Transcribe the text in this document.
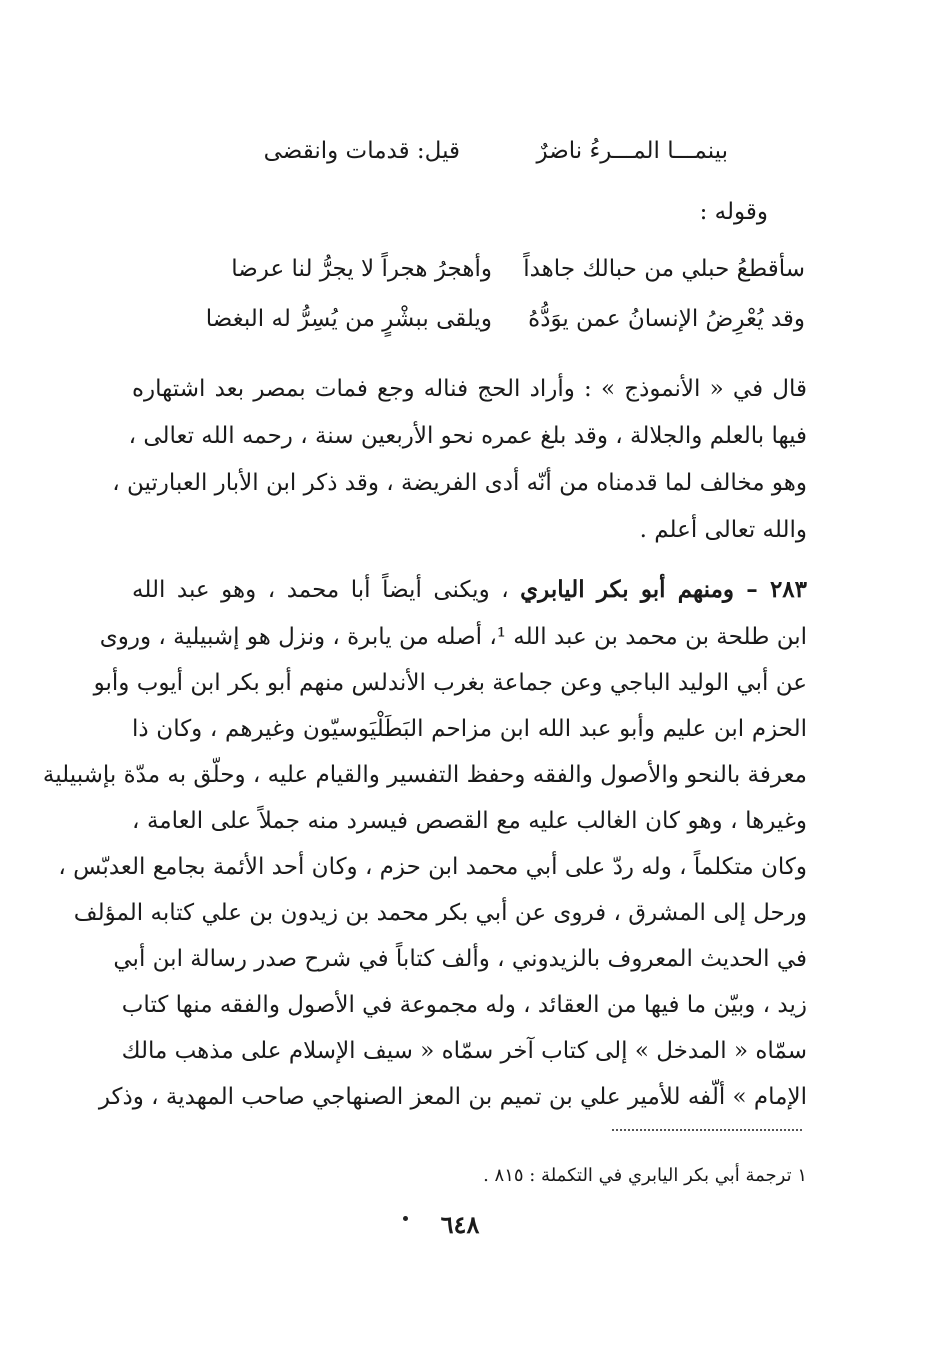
بينمـــا المـــرءُ ناضرٌ
قيل: قدمات وانقضى
وقوله :
سأقطعُ حبلي من حبالك جاهداً
وأهجرُ هجراً لا يجرُّ لنا عرضا
وقد يُعْرِضُ الإنسانُ عمن يوَدُّهُ
ويلقى ببشْرٍ من يُسِرُّ له البغضا
قال في « الأنموذج » : وأراد الحج فناله وجع فمات بمصر بعد اشتهاره
فيها بالعلم والجلالة ، وقد بلغ عمره نحو الأربعين سنة ، رحمه الله تعالى ،
وهو مخالف لما قدمناه من أنّه أدى الفريضة ، وقد ذكر ابن الأبار العبارتين ،
والله تعالى أعلم .
٢٨٣ – ومنهم أبو بكر اليابري ، ويكنى أيضاً أبا محمد ، وهو عبد الله
ابن طلحة بن محمد بن عبد الله ¹، أصله من يابرة ، ونزل هو إشبيلية ، وروى
عن أبي الوليد الباجي وعن جماعة بغرب الأندلس منهم أبو بكر ابن أيوب وأبو
الحزم ابن عليم وأبو عبد الله ابن مزاحم البَطَلْيَوسيّون وغيرهم ، وكان ذا
معرفة بالنحو والأصول والفقه وحفظ التفسير والقيام عليه ، وحلّق به مدّة بإشبيلية
وغيرها ، وهو كان الغالب عليه مع القصص فيسرد منه جملاً على العامة ،
وكان متكلماً ، وله ردّ على أبي محمد ابن حزم ، وكان أحد الأئمة بجامع العدبّس ،
ورحل إلى المشرق ، فروى عن أبي بكر محمد بن زيدون بن علي كتابه المؤلف
في الحديث المعروف بالزيدوني ، وألف كتاباً في شرح صدر رسالة ابن أبي
زيد ، وبيّن ما فيها من العقائد ، وله مجموعة في الأصول والفقه منها كتاب
سمّاه « المدخل » إلى كتاب آخر سمّاه « سيف الإسلام على مذهب مالك
الإمام » ألّفه للأمير علي بن تميم بن المعز الصنهاجي صاحب المهدية ، وذكر
١ ترجمة أبي بكر اليابري في التكملة : ٨١٥ .
٦٤٨
